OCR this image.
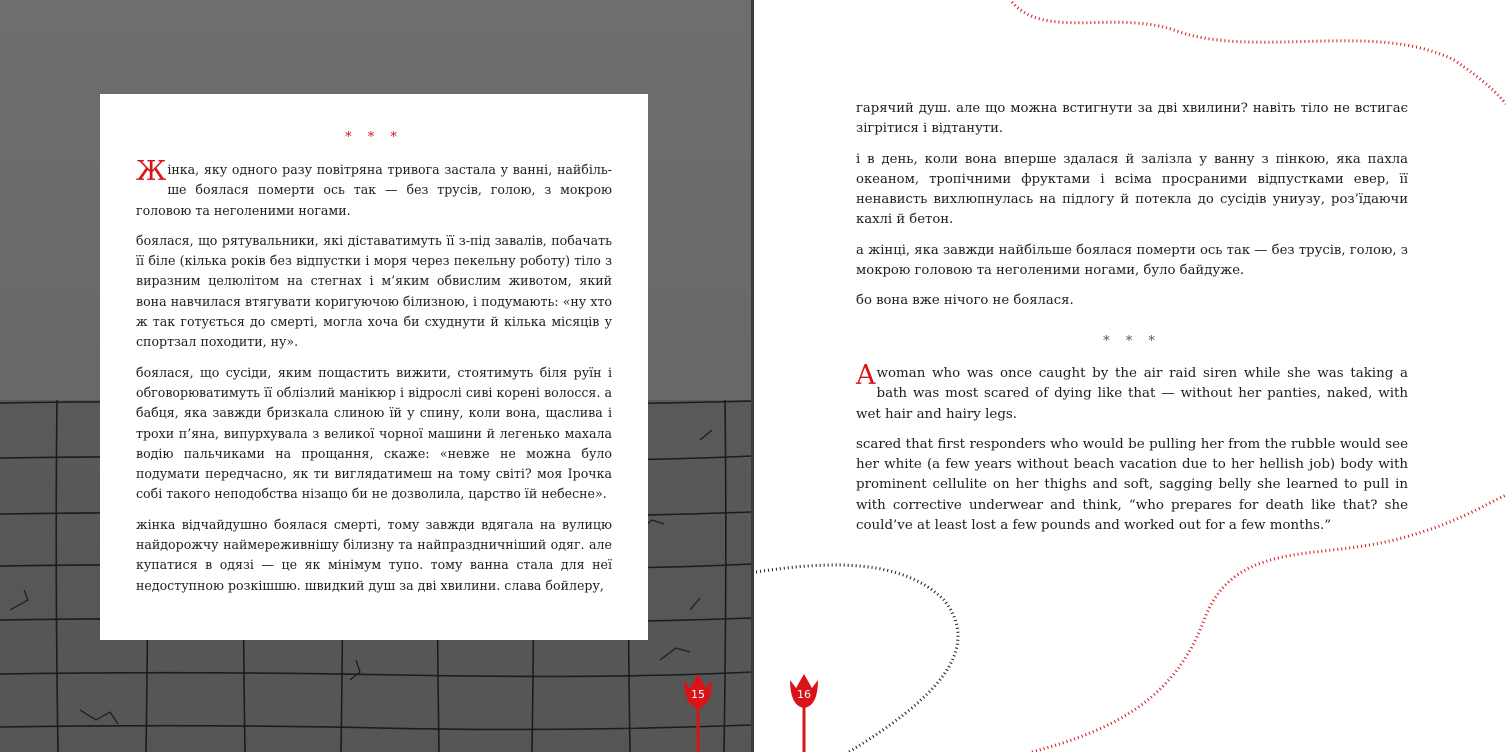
* * *

Жінка, яку одного разу повітряна тривога застала у ванні, найбільше боялася померти ось так — без трусів, голою, з мокрою головою та неголеними ногами.

боялася, що рятувальники, які діставатимуть її з-під завалів, побачать її біле (кілька років без відпустки і моря через пекельну роботу) тіло з виразним целюлітом на стегнах і м’яким обвислим животом, який вона навчилася втягувати коригуючою білизною, і подумають: «ну хто ж так готується до смерті, могла хоча би схуднути й кілька місяців у спортзал походити, ну».

боялася, що сусіди, яким пощастить вижити, стоятимуть біля руїн і обговорюватимуть її облізлий манікюр і відрослі сиві корені волосся. а бабця, яка завжди бризкала слиною їй у спину, коли вона, щаслива і трохи п’яна, випурхувала з великої чорної машини й легенько махала водію пальчиками на прощання, скаже: «невже не можна було подумати передчасно, як ти виглядатимеш на тому світі? моя Ірочка собі такого неподобства нізащо би не дозволила, царство їй небесне».

жінка відчайдушно боялася смерті, тому завжди вдягала на вулицю найдорожчу наймереживнішу білизну та найпраздничніший одяг. але купатися в одязі — це як мінімум тупо. тому ванна стала для неї недоступною розкішшю. швидкий душ за дві хвилини. слава бойлеру,

15

гарячий душ. але що можна встигнути за дві хвилини? навіть тіло не встигає зігрітися і відтанути.

і в день, коли вона вперше здалася й залізла у ванну з пінкою, яка пахла океаном, тропічними фруктами і всіма просраними відпустками евер, її ненависть вихлюпнулась на підлогу й потекла до сусідів униузу, роз’їдаючи кахлі й бетон.

а жінці, яка завжди найбільше боялася померти ось так — без трусів, голою, з мокрою головою та неголеними ногами, було байдуже.

бо вона вже нічого не боялася.

* * *

A woman who was once caught by the air raid siren while she was taking a bath was most scared of dying like that — without her panties, naked, with wet hair and hairy legs.

scared that first responders who would be pulling her from the rubble would see her white (a few years without beach vacation due to her hellish job) body with prominent cellulite on her thighs and soft, sagging belly she learned to pull in with corrective underwear and think, “who prepares for death like that? she could’ve at least lost a few pounds and worked out for a few months.”

16
